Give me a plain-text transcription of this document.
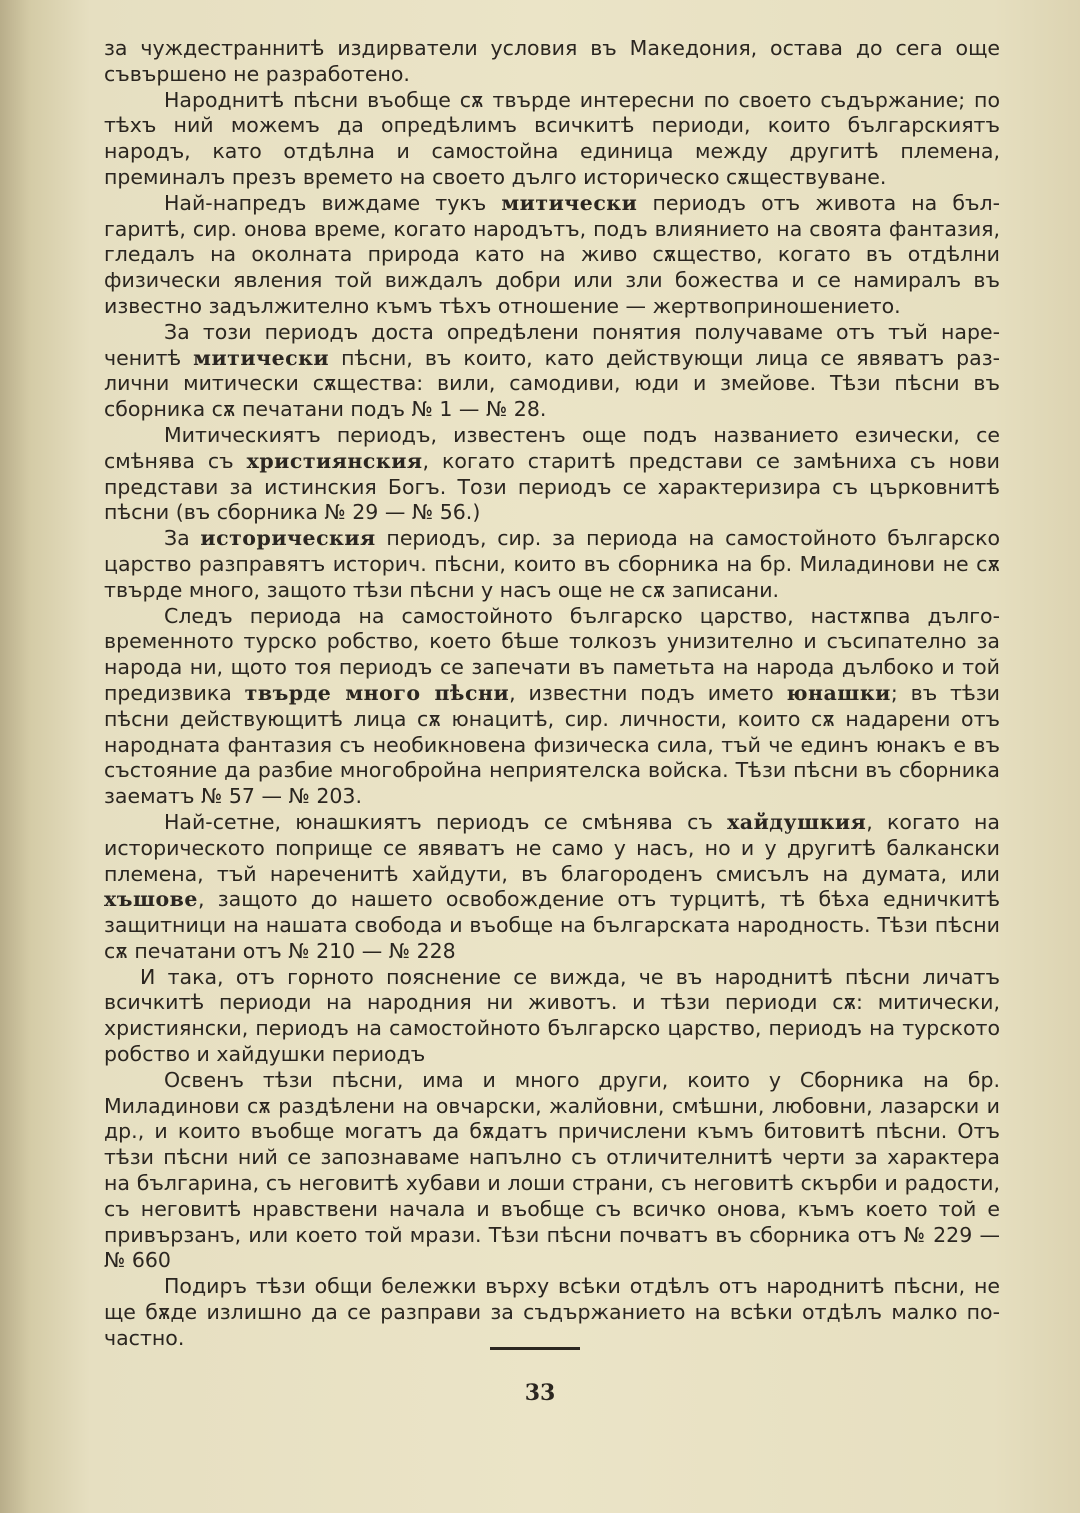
за чуждестраннитѣ издирватели условия въ Македония, остава до сега още съвършено не разработено.

Народнитѣ пѣсни въобще сѫ твърде интересни по своето съдържание; по тѣхъ ний можемъ да опредѣлимъ всичкитѣ периоди, които българскиятъ народъ, като отдѣлна и самостойна единица между другитѣ племена, преминалъ презъ времето на своето дълго историческо сѫществуване.

Най-напредъ виждаме тукъ митически периодъ отъ живота на българитѣ, сир. онова време, когато народътъ, подъ влиянието на своята фантазия, гледалъ на околната природа като на живо сѫщество, когато въ отдѣлни физически явления той виждалъ добри или зли божества и се намиралъ въ известно задължително къмъ тѣхъ отношение — жертвоприношението.

За този периодъ доста опредѣлени понятия получаваме отъ тъй нареченитѣ митически пѣсни, въ които, като действующи лица се явяватъ различни митически сѫщества: вили, самодиви, юди и змейове. Тѣзи пѣсни въ сборника сѫ печатани подъ № 1 — № 28.

Митическиятъ периодъ, известенъ още подъ названието езически, се смѣнява съ християнския, когато старитѣ представи се замѣниха съ нови представи за истинския Богъ. Този периодъ се характеризира съ църковнитѣ пѣсни (въ сборника № 29 — № 56.)

За историческия периодъ, сир. за периода на самостойното българско царство разправятъ историч. пѣсни, които въ сборника на бр. Миладинови не сѫ твърде много, защото тѣзи пѣсни у насъ още не сѫ записани.

Следъ периода на самостойното българско царство, настѫпва дълговременното турско робство, което бѣше толкозъ унизително и съсипателно за народа ни, щото тоя периодъ се запечати въ паметьта на народа дълбоко и той предизвика твърде много пѣсни, известни подъ името юнашки; въ тѣзи пѣсни действующитѣ лица сѫ юнацитѣ, сир. личности, които сѫ надарени отъ народната фантазия съ необикновена физическа сила, тъй че единъ юнакъ е въ състояние да разбие многобройна неприятелска войска. Тѣзи пѣсни въ сборника заематъ № 57 — № 203.

Най-сетне, юнашкиятъ периодъ се смѣнява съ хайдушкия, когато на историческото поприще се явяватъ не само у насъ, но и у другитѣ балкански племена, тъй нареченитѣ хайдути, въ благороденъ смисълъ на думата, или хъшове, защото до нашето освобождение отъ турцитѣ, тѣ бѣха едничкитѣ защитници на нашата свобода и въобще на българската народность. Тѣзи пѣсни сѫ печатани отъ № 210 — № 228

И така, отъ горното пояснение се вижда, че въ народнитѣ пѣсни личатъ всичкитѣ периоди на народния ни животъ. и тѣзи периоди сѫ: митически, християнски, периодъ на самостойното българско царство, периодъ на турското робство и хайдушки периодъ

Освенъ тѣзи пѣсни, има и много други, които у Сборника на бр. Миладинови сѫ раздѣлени на овчарски, жалйовни, смѣшни, любовни, лазарски и др., и които въобще могатъ да бѫдатъ причислени къмъ битовитѣ пѣсни. Отъ тѣзи пѣсни ний се запознаваме напълно съ отличителнитѣ черти за характера на българина, съ неговитѣ хубави и лоши страни, съ неговитѣ скърби и радости, съ неговитѣ нравствени начала и въобще съ всичко онова, къмъ което той е привързанъ, или което той мрази. Тѣзи пѣсни почватъ въ сборника отъ № 229 — № 660

Подиръ тѣзи общи бележки върху всѣки отдѣлъ отъ народнитѣ пѣсни, не ще бѫде излишно да се разправи за съдържанието на всѣки отдѣлъ малко по-частно.

33
